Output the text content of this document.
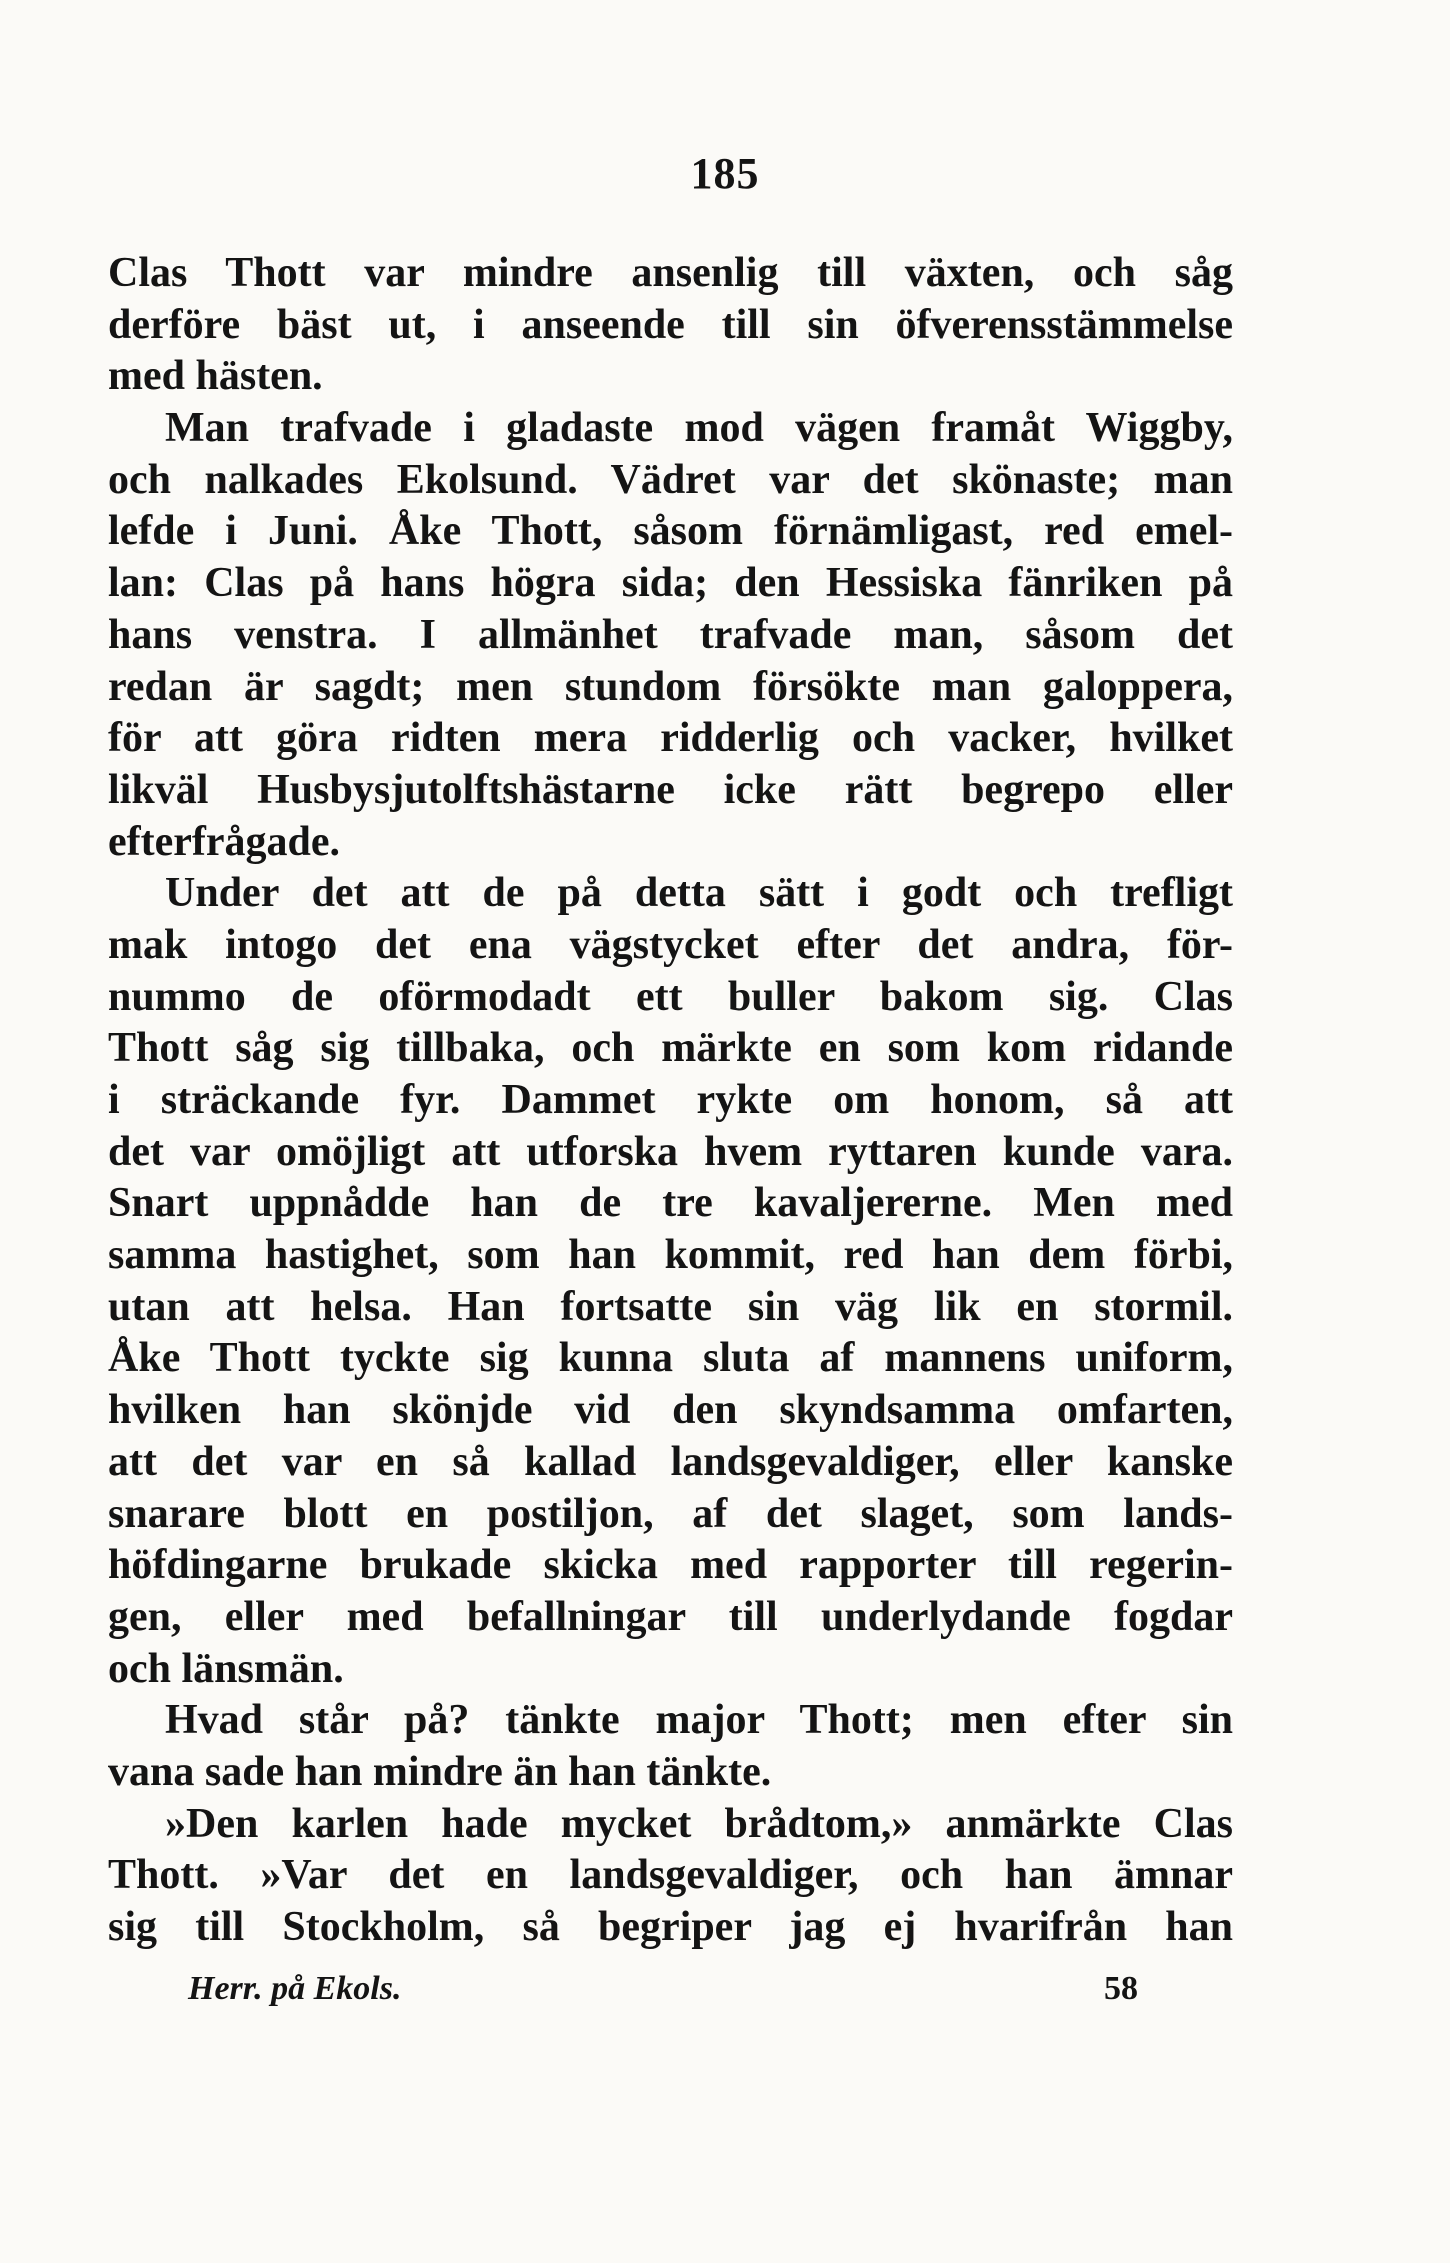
185
Clas Thott var mindre ansenlig till växten, och såg
derföre bäst ut, i anseende till sin öfverensstämmelse
med hästen.
Man trafvade i gladaste mod vägen framåt Wiggby,
och nalkades Ekolsund. Vädret var det skönaste; man
lefde i Juni. Åke Thott, såsom förnämligast, red emel-
lan: Clas på hans högra sida; den Hessiska fänriken på
hans venstra. I allmänhet trafvade man, såsom det
redan är sagdt; men stundom försökte man galoppera,
för att göra ridten mera ridderlig och vacker, hvilket
likväl Husbysjutolftshästarne icke rätt begrepo eller
efterfrågade.
Under det att de på detta sätt i godt och trefligt
mak intogo det ena vägstycket efter det andra, för-
nummo de oförmodadt ett buller bakom sig. Clas
Thott såg sig tillbaka, och märkte en som kom ridande
i sträckande fyr. Dammet rykte om honom, så att
det var omöjligt att utforska hvem ryttaren kunde vara.
Snart uppnådde han de tre kavaljererne. Men med
samma hastighet, som han kommit, red han dem förbi,
utan att helsa. Han fortsatte sin väg lik en stormil.
Åke Thott tyckte sig kunna sluta af mannens uniform,
hvilken han skönjde vid den skyndsamma omfarten,
att det var en så kallad landsgevaldiger, eller kanske
snarare blott en postiljon, af det slaget, som lands-
höfdingarne brukade skicka med rapporter till regerin-
gen, eller med befallningar till underlydande fogdar
och länsmän.
Hvad står på? tänkte major Thott; men efter sin
vana sade han mindre än han tänkte.
»Den karlen hade mycket brådtom,» anmärkte Clas
Thott. »Var det en landsgevaldiger, och han ämnar
sig till Stockholm, så begriper jag ej hvarifrån han
Herr. på Ekols.	58
